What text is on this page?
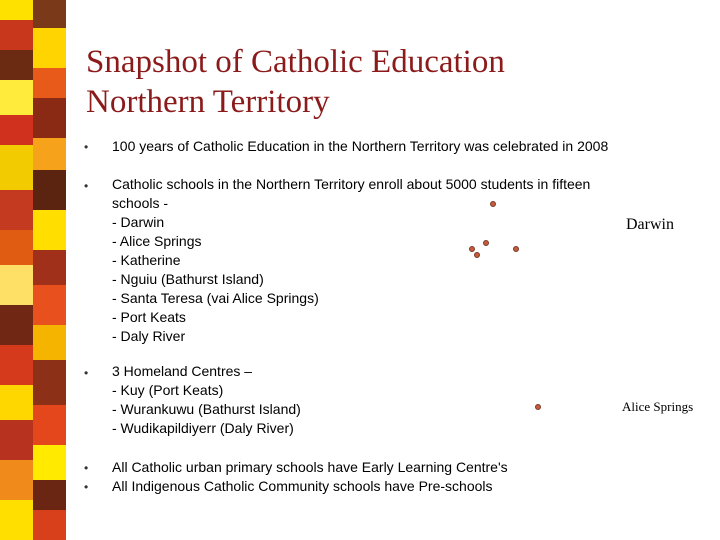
Snapshot of Catholic Education
Northern Territory
•	100 years of Catholic Education in the Northern Territory was celebrated in 2008
•	Catholic schools in the Northern Territory enroll about 5000 students in fifteen
schools -
- Darwin
- Alice Springs
- Katherine
- Nguiu (Bathurst Island)
- Santa Teresa (vai Alice Springs)
- Port Keats
- Daly River
•	3 Homeland Centres –
- Kuy (Port Keats)
- Wurankuwu (Bathurst Island)
- Wudikapildiyerr (Daly River)
•	All Catholic urban primary schools have Early Learning Centre's
•	All Indigenous Catholic Community schools have Pre-schools
Darwin
Alice Springs
